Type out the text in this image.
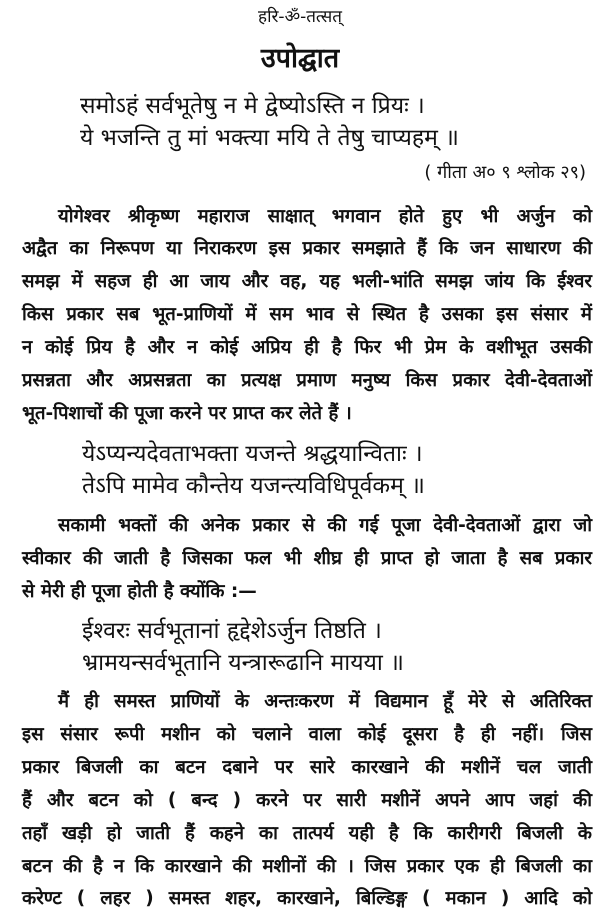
हरि-ॐ-तत्सत्
उपोद्घात
समोऽहं सर्वभूतेषु न मे द्वेष्योऽस्ति न प्रियः ।
ये भजन्ति तु मां भक्त्या मयि ते तेषु चाप्यहम् ॥
( गीता अ० ९ श्लोक २९)
योगेश्वर श्रीकृष्ण महाराज साक्षात् भगवान होते हुए भी अर्जुन को
अद्वैत का निरूपण या निराकरण इस प्रकार समझाते हैं कि जन साधारण की
समझ में सहज ही आ जाय और वह, यह भली-भांति समझ जांय कि ईश्वर
किस प्रकार सब भूत-प्राणियों में सम भाव से स्थित है उसका इस संसार में
न कोई प्रिय है और न कोई अप्रिय ही है फिर भी प्रेम के वशीभूत उसकी
प्रसन्नता और अप्रसन्नता का प्रत्यक्ष प्रमाण मनुष्य किस प्रकार देवी-देवताओं
भूत-पिशाचों की पूजा करने पर प्राप्त कर लेते हैं ।
येऽप्यन्यदेवताभक्ता यजन्ते श्रद्धयान्विताः ।
तेऽपि मामेव कौन्तेय यजन्त्यविधिपूर्वकम् ॥
सकामी भक्तों की अनेक प्रकार से की गई पूजा देवी-देवताओं द्वारा जो
स्वीकार की जाती है जिसका फल भी शीघ्र ही प्राप्त हो जाता है सब प्रकार
से मेरी ही पूजा होती है क्योंकि :—
ईश्वरः सर्वभूतानां हृद्देशेऽर्जुन तिष्ठति ।
भ्रामयन्सर्वभूतानि यन्त्रारूढानि मायया ॥
मैं ही समस्त प्राणियों के अन्तःकरण में विद्यमान हूँ मेरे से अतिरिक्त
इस संसार रूपी मशीन को चलाने वाला कोई दूसरा है ही नहीं। जिस
प्रकार बिजली का बटन दबाने पर सारे कारखाने की मशीनें चल जाती
हैं और बटन को ( बन्द ) करने पर सारी मशीनें अपने आप जहां की
तहाँ खड़ी हो जाती हैं कहने का तात्पर्य यही है कि कारीगरी बिजली के
बटन की है न कि कारखाने की मशीनों की । जिस प्रकार एक ही बिजली का
करेण्ट ( लहर ) समस्त शहर, कारखाने, बिल्डिङ्ग ( मकान ) आदि को
